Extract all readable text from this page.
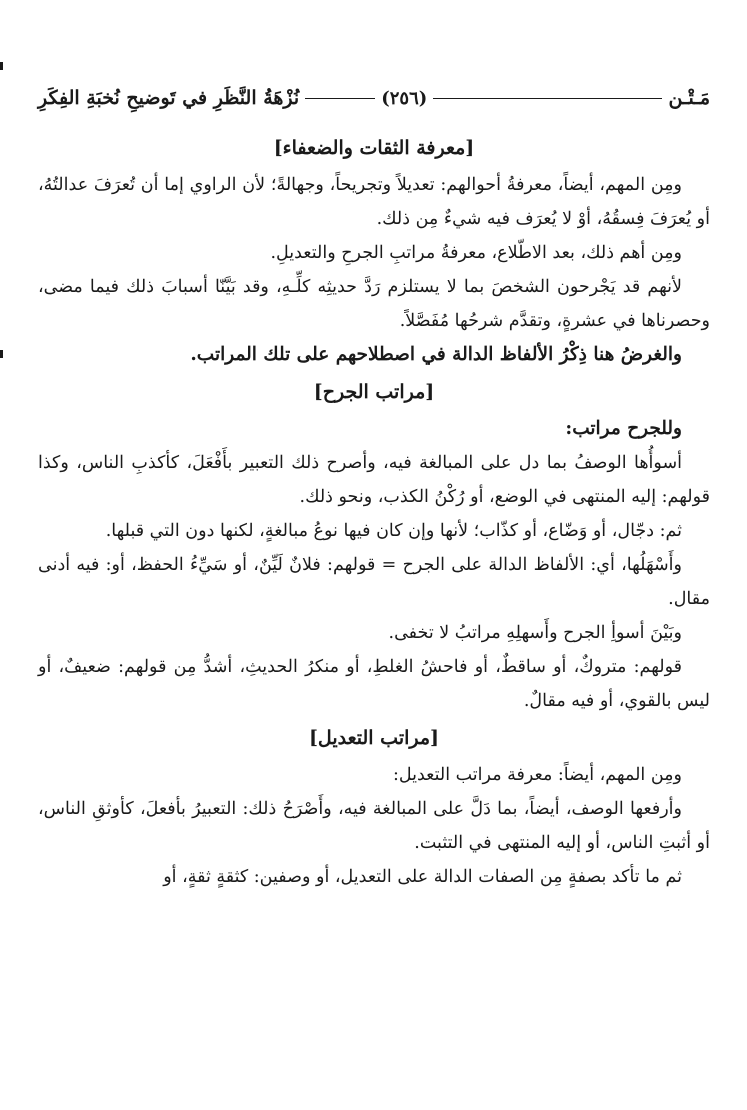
مَـتْـن
(٢٥٦)
نُزْهَةُ النَّظَرِ في تَوضيحِ نُخبَةِ الفِكَرِ
[معرفة الثقات والضعفاء]

ومِن المهم، أيضاً، معرفةُ أحوالهم: تعديلاً وتجريحاً، وجهالةً؛ لأن الراوي إما أن تُعرَفَ عدالتُهُ، أو يُعرَفَ فِسقُهُ، أوْ لا يُعرَف فيه شيءٌ مِن ذلك.

ومِن أهم ذلك، بعد الاطّلاع، معرفةُ مراتبِ الجرحِ والتعديلِ.

لأنهم قد يَجْرحون الشخصَ بما لا يستلزم رَدَّ حديثِه كلِّـهِ، وقد بَيَّنّا أسبابَ ذلك فيما مضى، وحصرناها في عشرةٍ، وتقدَّم شرحُها مُفَصَّلاً.

والغرضُ هنا ذِكْرُ الألفاظ الدالة في اصطلاحهم على تلك المراتب.

[مراتب الجرح]

وللجرح مراتب:

أسوأُها الوصفُ بما دل على المبالغة فيه، وأصرح ذلك التعبير بأَفْعَلَ، كأكذبِ الناس، وكذا قولهم: إليه المنتهى في الوضع، أو رُكْنُ الكذب، ونحو ذلك.

ثم: دجّال، أو وَضّاع، أو كذّاب؛ لأنها وإن كان فيها نوعُ مبالغةٍ، لكنها دون التي قبلها.

وأَسْهَلُها، أي: الألفاظ الدالة على الجرح = قولهم: فلانٌ لَيِّنٌ، أو سَيِّءُ الحفظ، أو: فيه أدنى مقال.

وبَيْنَ أسوأِ الجرح وأَسهلِهِ مراتبُ لا تخفى.

قولهم: متروكٌ، أو ساقطٌ، أو فاحشُ الغلطِ، أو منكرُ الحديثِ، أشدُّ مِن قولهم: ضعيفٌ، أو ليس بالقوي، أو فيه مقالٌ.

[مراتب التعديل]

ومِن المهم، أيضاً: معرفة مراتب التعديل:

وأرفعها الوصف، أيضاً، بما دَلَّ على المبالغة فيه، وأَصْرَحُ ذلك: التعبيرُ بأفعلَ، كأوثقِ الناس، أو أثبتِ الناس، أو إليه المنتهى في التثبت.

ثم ما تأكد بصفةٍ مِن الصفات الدالة على التعديل، أو وصفين: كثقةٍ ثقةٍ، أو
